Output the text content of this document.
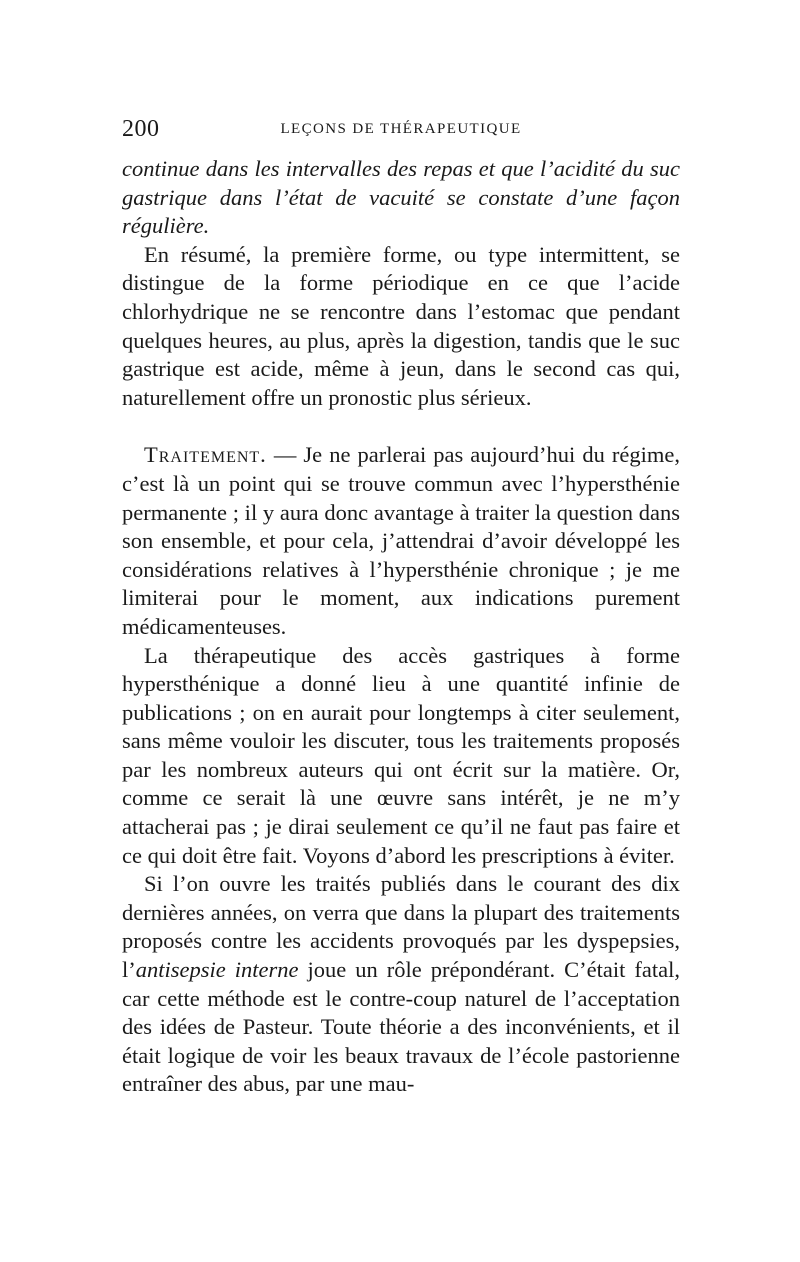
200	LEÇONS DE THÉRAPEUTIQUE

continue dans les intervalles des repas et que l’acidité du suc gastrique dans l’état de vacuité se constate d’une façon régulière.

En résumé, la première forme, ou type intermittent, se distingue de la forme périodique en ce que l’acide chlorhydrique ne se rencontre dans l’estomac que pendant quelques heures, au plus, après la digestion, tandis que le suc gastrique est acide, même à jeun, dans le second cas qui, naturellement offre un pronostic plus sérieux.

Traitement. — Je ne parlerai pas aujourd’hui du régime, c’est là un point qui se trouve commun avec l’hypersthénie permanente ; il y aura donc avantage à traiter la question dans son ensemble, et pour cela, j’attendrai d’avoir développé les considérations relatives à l’hypersthénie chronique ; je me limiterai pour le moment, aux indications purement médicamenteuses.

La thérapeutique des accès gastriques à forme hypersthénique a donné lieu à une quantité infinie de publications ; on en aurait pour longtemps à citer seulement, sans même vouloir les discuter, tous les traitements proposés par les nombreux auteurs qui ont écrit sur la matière. Or, comme ce serait là une œuvre sans intérêt, je ne m’y attacherai pas ; je dirai seulement ce qu’il ne faut pas faire et ce qui doit être fait. Voyons d’abord les prescriptions à éviter.

Si l’on ouvre les traités publiés dans le courant des dix dernières années, on verra que dans la plupart des traitements proposés contre les accidents provoqués par les dyspepsies, l’antisepsie interne joue un rôle prépondérant. C’était fatal, car cette méthode est le contre-coup naturel de l’acceptation des idées de Pasteur. Toute théorie a des inconvénients, et il était logique de voir les beaux travaux de l’école pastorienne entraîner des abus, par une mau-
